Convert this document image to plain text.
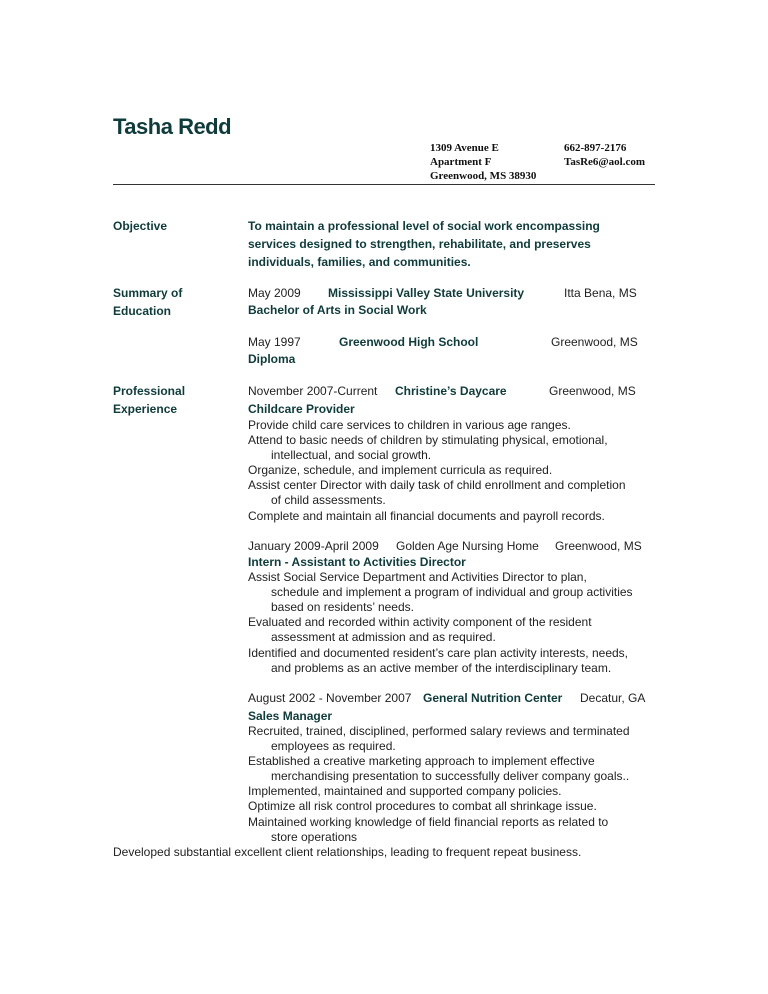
Tasha Redd
1309 Avenue E
Apartment F
Greenwood, MS 38930
662-897-2176
TasRe6@aol.com
Objective	To maintain a professional level of social work encompassing services designed to strengthen, rehabilitate, and preserves individuals, families, and communities.
Summary of
Education
May 2009 Mississippi Valley State University	Itta Bena, MS
Bachelor of Arts in Social Work
May 1997	Greenwood High School	Greenwood, MS
Diploma
Professional
Experience
November 2007-Current Christine’s Daycare	Greenwood, MS
Childcare Provider
Provide child care services to children in various age ranges.
Attend to basic needs of children by stimulating physical, emotional,
intellectual, and social growth.
Organize, schedule, and implement curricula as required.
Assist center Director with daily task of child enrollment and completion
of child assessments.
Complete and maintain all financial documents and payroll records.
January 2009-April 2009 Golden Age Nursing Home Greenwood, MS
Intern - Assistant to Activities Director
Assist Social Service Department and Activities Director to plan,
schedule and implement a program of individual and group activities
based on residents’ needs.
Evaluated and recorded within activity component of the resident
assessment at admission and as required.
Identified and documented resident’s care plan activity interests, needs,
and problems as an active member of the interdisciplinary team.
August 2002 - November 2007 General Nutrition Center Decatur, GA
Sales Manager
Recruited, trained, disciplined, performed salary reviews and terminated
employees as required.
Established a creative marketing approach to implement effective
merchandising presentation to successfully deliver company goals..
Implemented, maintained and supported company policies.
Optimize all risk control procedures to combat all shrinkage issue.
Maintained working knowledge of field financial reports as related to
store operations
Developed substantial excellent client relationships, leading to frequent repeat business.
